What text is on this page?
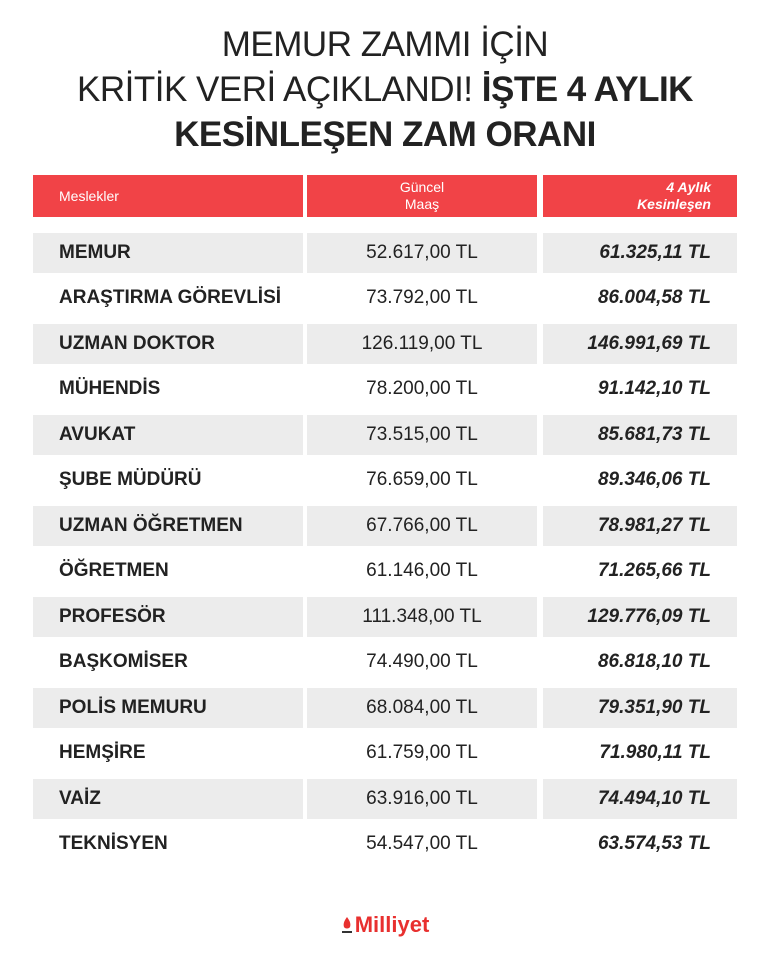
MEMUR ZAMMI İÇİN
KRİTİK VERİ AÇIKLANDI! İŞTE 4 AYLIK
KESİNLEŞEN ZAM ORANI
Meslekler
Güncel
Maaş
4 Aylık
Kesinleşen
MEMUR	52.617,00 TL	61.325,11 TL
ARAŞTIRMA GÖREVLİSİ	73.792,00 TL	86.004,58 TL
UZMAN DOKTOR	126.119,00 TL	146.991,69 TL
MÜHENDİS	78.200,00 TL	91.142,10 TL
AVUKAT	73.515,00 TL	85.681,73 TL
ŞUBE MÜDÜRÜ	76.659,00 TL	89.346,06 TL
UZMAN ÖĞRETMEN	67.766,00 TL	78.981,27 TL
ÖĞRETMEN	61.146,00 TL	71.265,66 TL
PROFESÖR	111.348,00 TL	129.776,09 TL
BAŞKOMİSER	74.490,00 TL	86.818,10 TL
POLİS MEMURU	68.084,00 TL	79.351,90 TL
HEMŞİRE	61.759,00 TL	71.980,11 TL
VAİZ	63.916,00 TL	74.494,10 TL
TEKNİSYEN	54.547,00 TL	63.574,53 TL
Milliyet
